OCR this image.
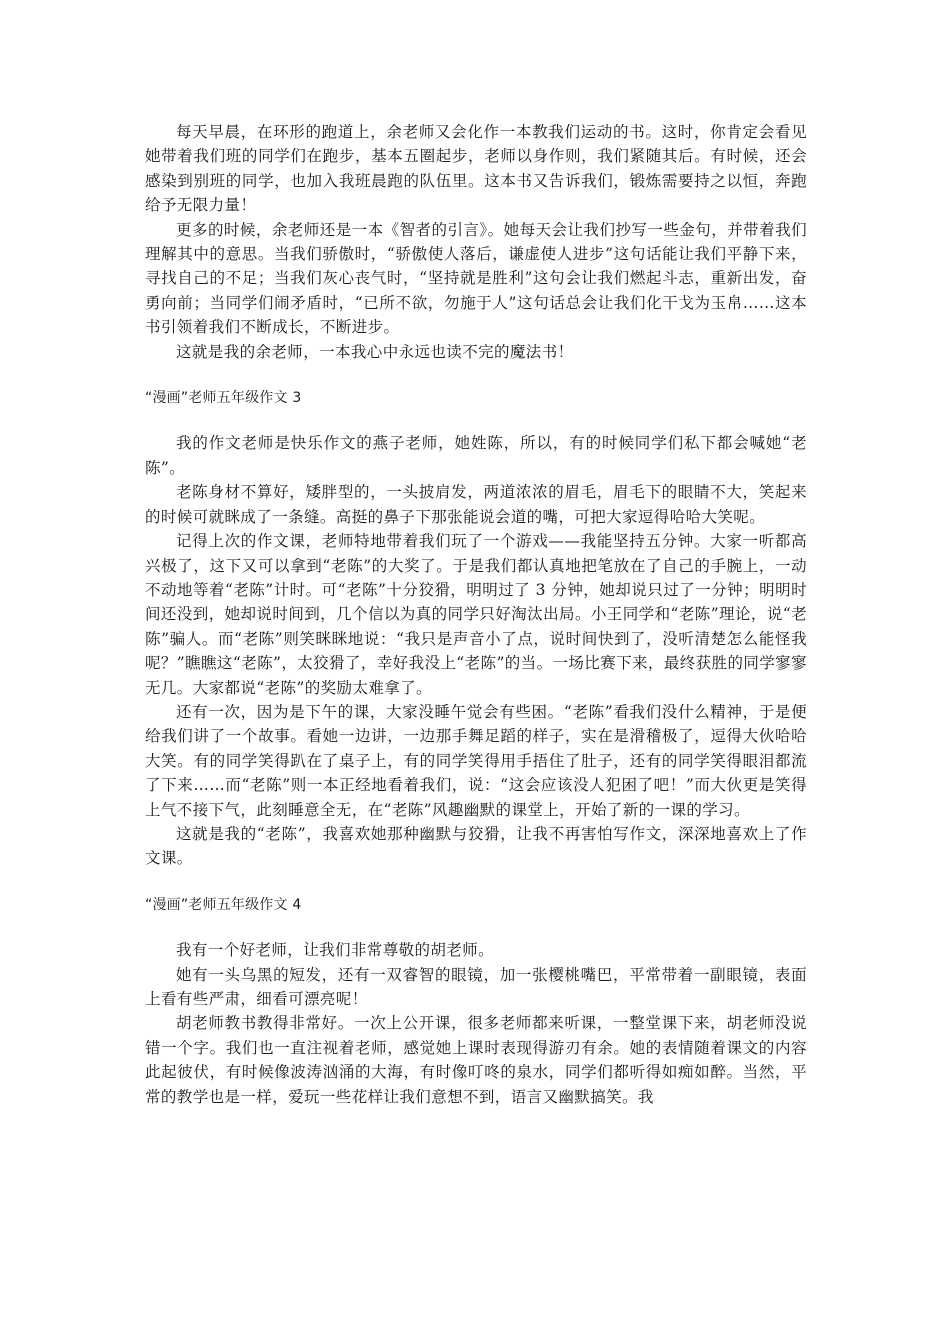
每天早晨，在环形的跑道上，余老师又会化作一本教我们运动的书。这时，你肯定会看见她带着我们班的同学们在跑步，基本五圈起步，老师以身作则，我们紧随其后。有时候，还会感染到别班的同学，也加入我班晨跑的队伍里。这本书又告诉我们，锻炼需要持之以恒，奔跑给予无限力量！

更多的时候，余老师还是一本《智者的引言》。她每天会让我们抄写一些金句，并带着我们理解其中的意思。当我们骄傲时，“骄傲使人落后，谦虚使人进步”这句话能让我们平静下来，寻找自己的不足；当我们灰心丧气时，“坚持就是胜利”这句会让我们燃起斗志，重新出发，奋勇向前；当同学们闹矛盾时，“已所不欲，勿施于人”这句话总会让我们化干戈为玉帛……这本书引领着我们不断成长，不断进步。

这就是我的余老师，一本我心中永远也读不完的魔法书！

“漫画”老师五年级作文 3

我的作文老师是快乐作文的燕子老师，她姓陈，所以，有的时候同学们私下都会喊她“老陈”。

老陈身材不算好，矮胖型的，一头披肩发，两道浓浓的眉毛，眉毛下的眼睛不大，笑起来的时候可就眯成了一条缝。高挺的鼻子下那张能说会道的嘴，可把大家逗得哈哈大笑呢。

记得上次的作文课，老师特地带着我们玩了一个游戏——我能坚持五分钟。大家一听都高兴极了，这下又可以拿到“老陈”的大奖了。于是我们都认真地把笔放在了自己的手腕上，一动不动地等着“老陈”计时。可“老陈”十分狡猾，明明过了 3 分钟，她却说只过了一分钟；明明时间还没到，她却说时间到，几个信以为真的同学只好淘汰出局。小王同学和“老陈”理论，说“老陈”骗人。而“老陈”则笑眯眯地说：“我只是声音小了点，说时间快到了，没听清楚怎么能怪我呢？”瞧瞧这“老陈”，太狡猾了，幸好我没上“老陈”的当。一场比赛下来，最终获胜的同学寥寥无几。大家都说“老陈”的奖励太难拿了。

还有一次，因为是下午的课，大家没睡午觉会有些困。“老陈”看我们没什么精神，于是便给我们讲了一个故事。看她一边讲，一边那手舞足蹈的样子，实在是滑稽极了，逗得大伙哈哈大笑。有的同学笑得趴在了桌子上，有的同学笑得用手捂住了肚子，还有的同学笑得眼泪都流了下来……而“老陈”则一本正经地看着我们，说：“这会应该没人犯困了吧！”而大伙更是笑得上气不接下气，此刻睡意全无，在“老陈”风趣幽默的课堂上，开始了新的一课的学习。

这就是我的“老陈”，我喜欢她那种幽默与狡猾，让我不再害怕写作文，深深地喜欢上了作文课。

“漫画”老师五年级作文 4

我有一个好老师，让我们非常尊敬的胡老师。

她有一头乌黑的短发，还有一双睿智的眼镜，加一张樱桃嘴巴，平常带着一副眼镜，表面上看有些严肃，细看可漂亮呢！

胡老师教书教得非常好。一次上公开课，很多老师都来听课，一整堂课下来，胡老师没说错一个字。我们也一直注视着老师，感觉她上课时表现得游刃有余。她的表情随着课文的内容此起彼伏，有时候像波涛汹涌的大海，有时像叮咚的泉水，同学们都听得如痴如醉。当然，平常的教学也是一样，爱玩一些花样让我们意想不到，语言又幽默搞笑。我
